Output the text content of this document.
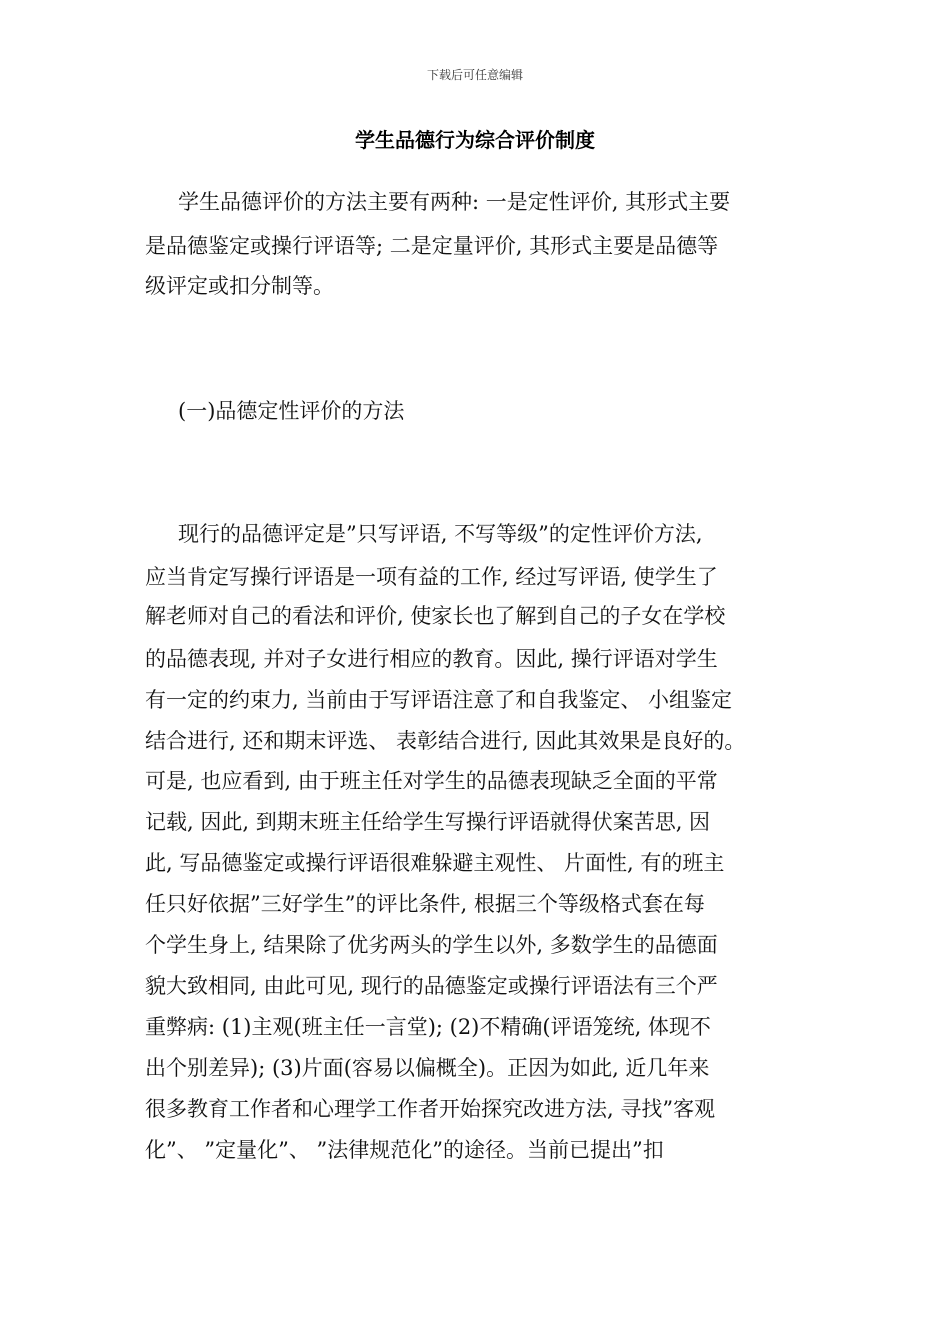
下载后可任意编辑
学生品德行为综合评价制度
学生品德评价的方法主要有两种: 一是定性评价, 其形式主要
是品德鉴定或操行评语等; 二是定量评价, 其形式主要是品德等
级评定或扣分制等。
(一)品德定性评价的方法
现行的品德评定是”只写评语, 不写等级”的定性评价方法,
应当肯定写操行评语是一项有益的工作, 经过写评语, 使学生了
解老师对自己的看法和评价, 使家长也了解到自己的子女在学校
的品德表现, 并对子女进行相应的教育。因此, 操行评语对学生
有一定的约束力, 当前由于写评语注意了和自我鉴定、 小组鉴定
结合进行, 还和期末评选、 表彰结合进行, 因此其效果是良好的。
可是, 也应看到, 由于班主任对学生的品德表现缺乏全面的平常
记载, 因此, 到期末班主任给学生写操行评语就得伏案苦思, 因
此, 写品德鉴定或操行评语很难躲避主观性、 片面性, 有的班主
任只好依据”三好学生”的评比条件, 根据三个等级格式套在每
个学生身上, 结果除了优劣两头的学生以外, 多数学生的品德面
貌大致相同, 由此可见, 现行的品德鉴定或操行评语法有三个严
重弊病: (1)主观(班主任一言堂); (2)不精确(评语笼统, 体现不
出个别差异); (3)片面(容易以偏概全)。正因为如此, 近几年来
很多教育工作者和心理学工作者开始探究改进方法, 寻找”客观
化”、 ”定量化”、 ”法律规范化”的途径。当前已提出”扣
